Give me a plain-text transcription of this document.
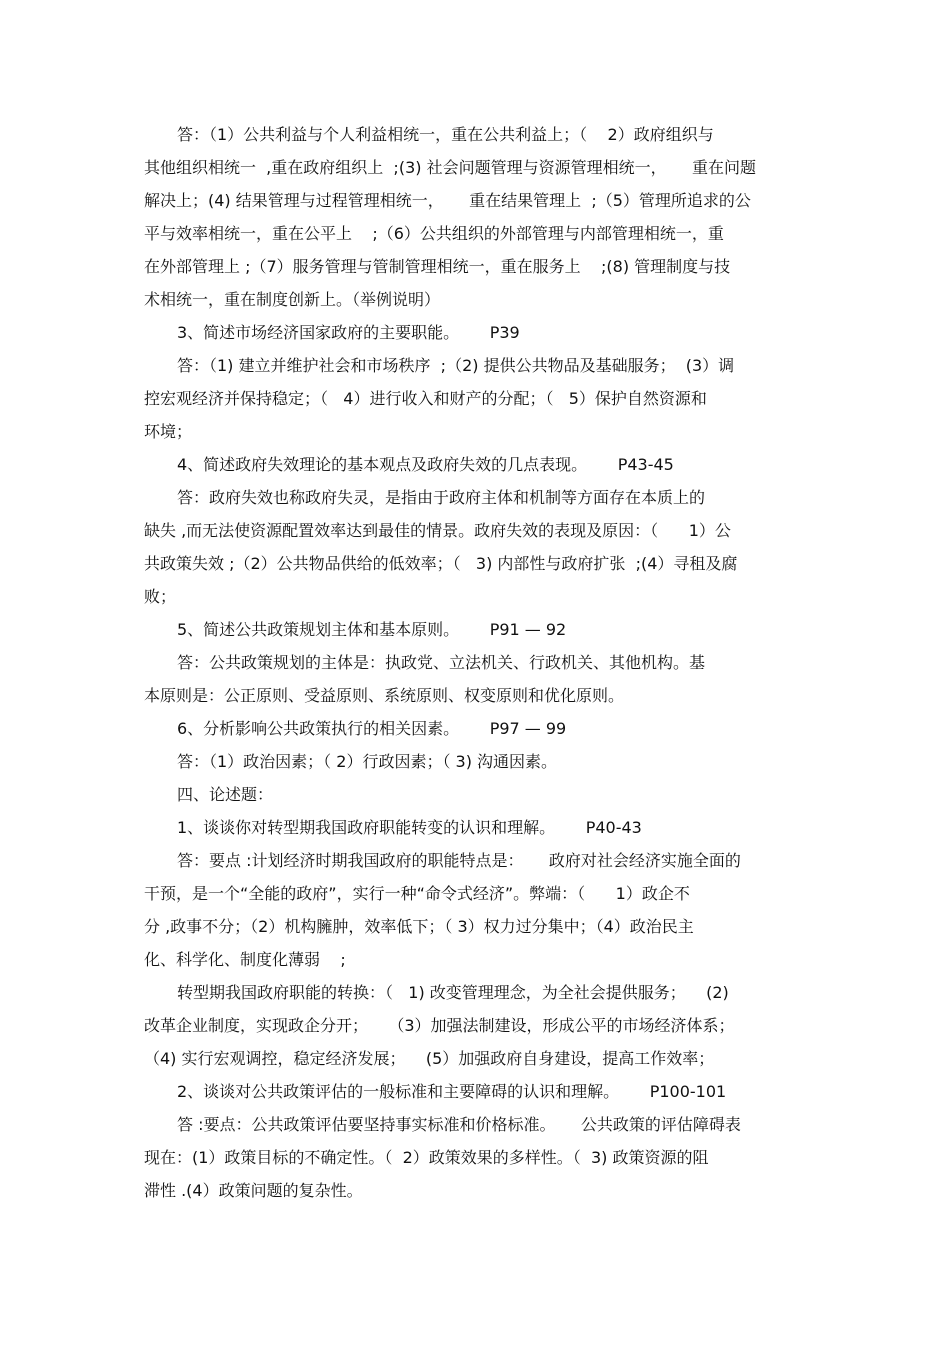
答：（1）公共利益与个人利益相统一，重在公共利益上；（    2）政府组织与
其他组织相统一  ,重在政府组织上  ;(3) 社会问题管理与资源管理相统一，     重在问题
解决上；(4) 结果管理与过程管理相统一，     重在结果管理上  ;（5）管理所追求的公
平与效率相统一，重在公平上    ;（6）公共组织的外部管理与内部管理相统一，重
在外部管理上 ;（7）服务管理与管制管理相统一，重在服务上    ;(8) 管理制度与技
术相统一，重在制度创新上。（举例说明）
3、简述市场经济国家政府的主要职能。      P39
答：（1) 建立并维护社会和市场秩序  ;（2) 提供公共物品及基础服务；  (3）调
控宏观经济并保持稳定；（   4）进行收入和财产的分配；（   5）保护自然资源和
环境；
4、简述政府失效理论的基本观点及政府失效的几点表现。      P43-45
答：政府失效也称政府失灵，是指由于政府主体和机制等方面存在本质上的
缺失 ,而无法使资源配置效率达到最佳的情景。政府失效的表现及原因：（      1）公
共政策失效 ;（2）公共物品供给的低效率；（   3) 内部性与政府扩张  ;(4）寻租及腐
败；
5、简述公共政策规划主体和基本原则。      P91 — 92
答：公共政策规划的主体是：执政党、立法机关、行政机关、其他机构。基
本原则是：公正原则、受益原则、系统原则、权变原则和优化原则。
6、分析影响公共政策执行的相关因素。      P97 — 99
答：（1）政治因素；（ 2）行政因素；（ 3) 沟通因素。
四、论述题：
1、谈谈你对转型期我国政府职能转变的认识和理解。      P40-43
答：要点 :计划经济时期我国政府的职能特点是：     政府对社会经济实施全面的
干预，是一个“全能的政府”，实行一种“命令式经济”。弊端：（      1）政企不
分 ,政事不分；（2）机构臃肿，效率低下；（ 3）权力过分集中；（4）政治民主
化、科学化、制度化薄弱    ;
转型期我国政府职能的转换：（   1) 改变管理理念，为全社会提供服务；    (2)
改革企业制度，实现政企分开；    （3）加强法制建设，形成公平的市场经济体系；
（4) 实行宏观调控，稳定经济发展；    (5）加强政府自身建设，提高工作效率；
2、谈谈对公共政策评估的一般标准和主要障碍的认识和理解。      P100-101
答 :要点：公共政策评估要坚持事实标准和价格标准。     公共政策的评估障碍表
现在：(1）政策目标的不确定性。（  2）政策效果的多样性。（  3) 政策资源的阻
滞性 .(4）政策问题的复杂性。
